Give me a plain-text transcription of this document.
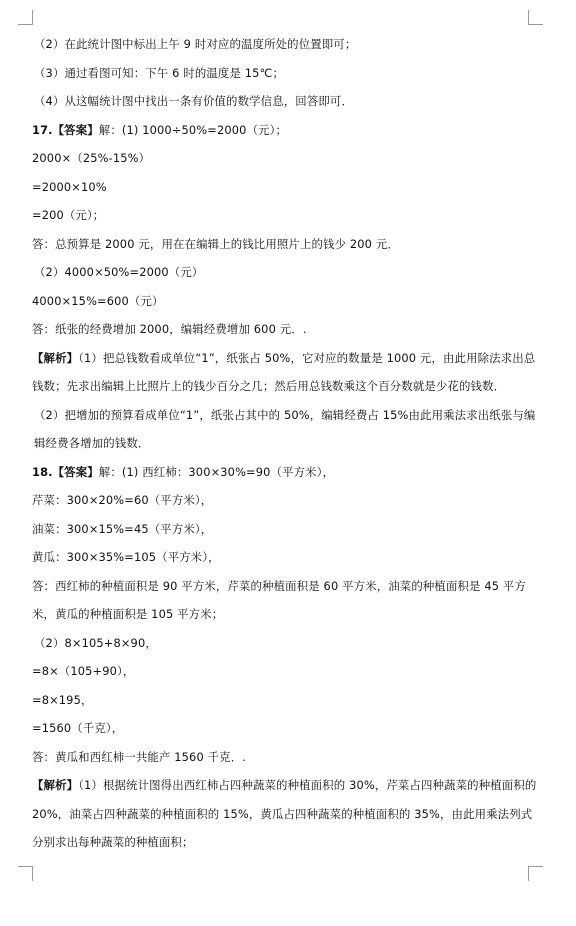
（2）在此统计图中标出上午 9 时对应的温度所处的位置即可；
（3）通过看图可知：下午 6 时的温度是 15℃；
（4）从这幅统计图中找出一条有价值的数学信息，回答即可．
17.【答案】解：(1) 1000÷50%=2000（元）；
2000×（25%-15%）
=2000×10%
=200（元）；
答：总预算是 2000 元，用在在编辑上的钱比用照片上的钱少 200 元．
（2）4000×50%=2000（元）
4000×15%=600（元）
答：纸张的经费增加 2000，编辑经费增加 600 元．.
【解析】（1）把总钱数看成单位“1”，纸张占 50%，它对应的数量是 1000 元，由此用除法求出总钱数；先求出编辑上比照片上的钱少百分之几；然后用总钱数乘这个百分数就是少花的钱数．
（2）把增加的预算看成单位“1”，纸张占其中的 50%，编辑经费占 15%由此用乘法求出纸张与编辑经费各增加的钱数．
18.【答案】解：(1) 西红柿：300×30%=90（平方米），
芹菜：300×20%=60（平方米），
油菜：300×15%=45（平方米），
黄瓜：300×35%=105（平方米），
答：西红柿的种植面积是 90 平方米，芹菜的种植面积是 60 平方米，油菜的种植面积是 45 平方米，黄瓜的种植面积是 105 平方米；
（2）8×105+8×90，
=8×（105+90），
=8×195，
=1560（千克），
答：黄瓜和西红柿一共能产 1560 千克．.
【解析】（1）根据统计图得出西红柿占四种蔬菜的种植面积的 30%，芹菜占四种蔬菜的种植面积的 20%，油菜占四种蔬菜的种植面积的 15%，黄瓜占四种蔬菜的种植面积的 35%，由此用乘法列式分别求出每种蔬菜的种植面积；
